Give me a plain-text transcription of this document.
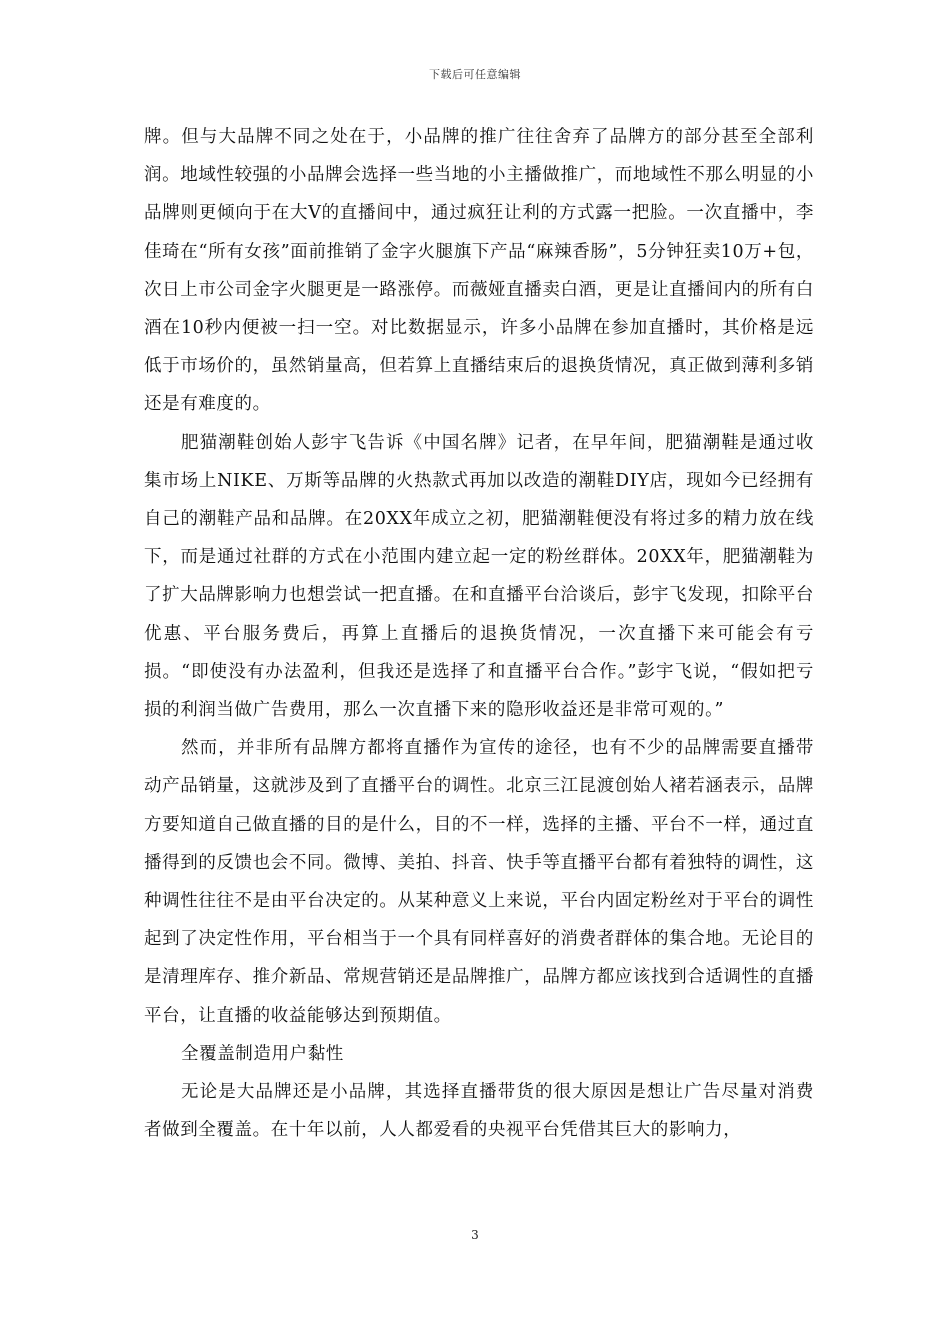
下载后可任意编辑

牌。但与大品牌不同之处在于，小品牌的推广往往舍弃了品牌方的部分甚至全部利润。地域性较强的小品牌会选择一些当地的小主播做推广，而地域性不那么明显的小品牌则更倾向于在大V的直播间中，通过疯狂让利的方式露一把脸。一次直播中，李佳琦在“所有女孩”面前推销了金字火腿旗下产品“麻辣香肠”，5分钟狂卖10万+包，次日上市公司金字火腿更是一路涨停。而薇娅直播卖白酒，更是让直播间内的所有白酒在10秒内便被一扫一空。对比数据显示，许多小品牌在参加直播时，其价格是远低于市场价的，虽然销量高，但若算上直播结束后的退换货情况，真正做到薄利多销还是有难度的。

肥猫潮鞋创始人彭宇飞告诉《中国名牌》记者，在早年间，肥猫潮鞋是通过收集市场上NIKE、万斯等品牌的火热款式再加以改造的潮鞋DIY店，现如今已经拥有自己的潮鞋产品和品牌。在20XX年成立之初，肥猫潮鞋便没有将过多的精力放在线下，而是通过社群的方式在小范围内建立起一定的粉丝群体。20XX年，肥猫潮鞋为了扩大品牌影响力也想尝试一把直播。在和直播平台洽谈后，彭宇飞发现，扣除平台优惠、平台服务费后，再算上直播后的退换货情况，一次直播下来可能会有亏损。“即使没有办法盈利，但我还是选择了和直播平台合作。”彭宇飞说，“假如把亏损的利润当做广告费用，那么一次直播下来的隐形收益还是非常可观的。”

然而，并非所有品牌方都将直播作为宣传的途径，也有不少的品牌需要直播带动产品销量，这就涉及到了直播平台的调性。北京三江昆渡创始人褚若涵表示，品牌方要知道自己做直播的目的是什么，目的不一样，选择的主播、平台不一样，通过直播得到的反馈也会不同。微博、美拍、抖音、快手等直播平台都有着独特的调性，这种调性往往不是由平台决定的。从某种意义上来说，平台内固定粉丝对于平台的调性起到了决定性作用，平台相当于一个具有同样喜好的消费者群体的集合地。无论目的是清理库存、推介新品、常规营销还是品牌推广，品牌方都应该找到合适调性的直播平台，让直播的收益能够达到预期值。

全覆盖制造用户黏性

无论是大品牌还是小品牌，其选择直播带货的很大原因是想让广告尽量对消费者做到全覆盖。在十年以前，人人都爱看的央视平台凭借其巨大的影响力，

3
